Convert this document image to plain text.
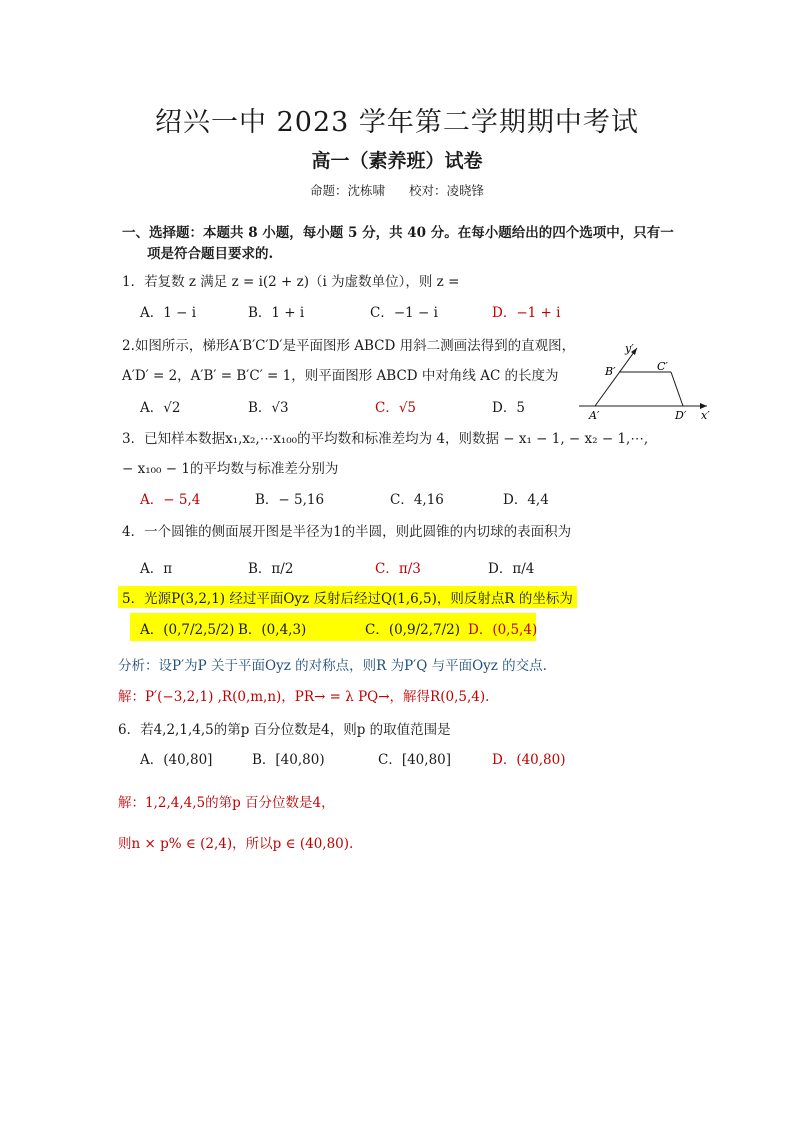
绍兴一中 2023 学年第二学期期中考试
高一（素养班）试卷
命题：沈栋啸 校对：凌晓锋
一、选择题：本题共 8 小题，每小题 5 分，共 40 分。在每小题给出的四个选项中，只有一
项是符合题目要求的.
1．若复数 z 满足 z = i(2 + z)（i 为虚数单位），则 z =
A．1 − i	B．1 + i	C．−1 − i	D．−1 + i
2.如图所示，梯形A′B′C′D′是平面图形 ABCD 用斜二测画法得到的直观图，
A′D′ = 2，A′B′ = B′C′ = 1，则平面图形 ABCD 中对角线 AC 的长度为
A．√2	B．√3	C．√5	D．5
y′
x′
A′
B′	C′
D′
3．已知样本数据x₁,x₂,⋯x₁₀₀的平均数和标准差均为 4，则数据 − x₁ − 1, − x₂ − 1,⋯,
− x₁₀₀ − 1的平均数与标准差分别为
A．− 5,4	B．− 5,16	C．4,16	D．4,4
4．一个圆锥的侧面展开图是半径为1的半圆，则此圆锥的内切球的表面积为
A．π	B．π/2	C．π/3	D．π/4
5．光源P(3,2,1) 经过平面Oyz 反射后经过Q(1,6,5)，则反射点R 的坐标为
A．(0,7/2,5/2) B．(0,4,3)	C．(0,9/2,7/2) D．(0,5,4)
分析：设P′为P 关于平面Oyz 的对称点，则R 为P′Q 与平面Oyz 的交点.
解：P′(−3,2,1) ,R(0,m,n)，PR→ = λ PQ→，解得R(0,5,4).
6．若4,2,1,4,5的第p 百分位数是4，则p 的取值范围是
A．(40,80]	B．[40,80)	C．[40,80]	D．(40,80)
解：1,2,4,4,5的第p 百分位数是4，
则n × p% ∈ (2,4)，所以p ∈ (40,80).
